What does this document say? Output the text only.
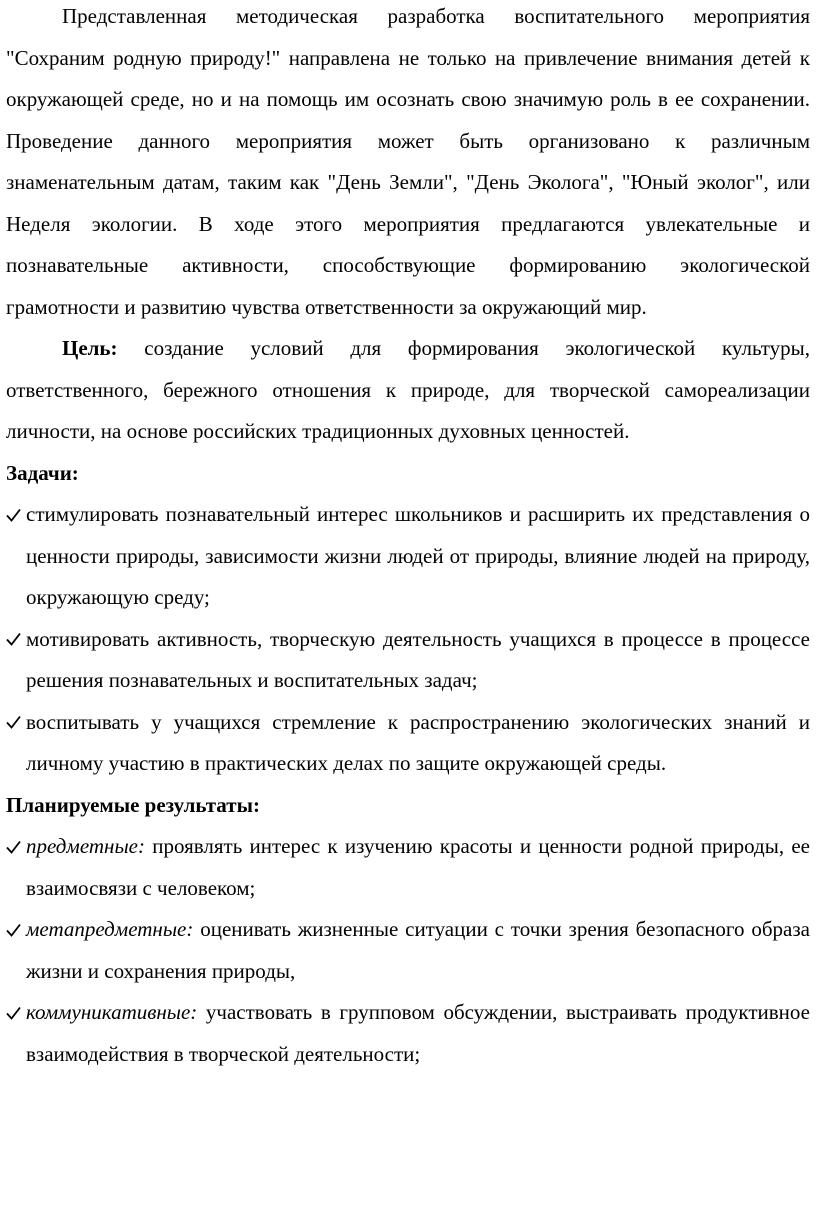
Представленная методическая разработка воспитательного мероприятия "Сохраним родную природу!" направлена не только на привлечение внимания детей к окружающей среде, но и на помощь им осознать свою значимую роль в ее сохранении. Проведение данного мероприятия может быть организовано к различным знаменательным датам, таким как "День Земли", "День Эколога", "Юный эколог", или Неделя экологии. В ходе этого мероприятия предлагаются увлекательные и познавательные активности, способствующие формированию экологической грамотности и развитию чувства ответственности за окружающий мир.

Цель: создание условий для формирования экологической культуры, ответственного, бережного отношения к природе, для творческой самореализации личности, на основе российских традиционных духовных ценностей.

Задачи:

стимулировать познавательный интерес школьников и расширить их представления о ценности природы, зависимости жизни людей от природы, влияние людей на природу, окружающую среду;
мотивировать активность, творческую деятельность учащихся в процессе в процессе решения познавательных и воспитательных задач;
воспитывать у учащихся стремление к распространению экологических знаний и личному участию в практических делах по защите окружающей среды.

Планируемые результаты:

предметные: проявлять интерес к изучению красоты и ценности родной природы, ее взаимосвязи с человеком;
метапредметные: оценивать жизненные ситуации с точки зрения безопасного образа жизни и сохранения природы,
коммуникативные: участвовать в групповом обсуждении, выстраивать продуктивное взаимодействия в творческой деятельности;
